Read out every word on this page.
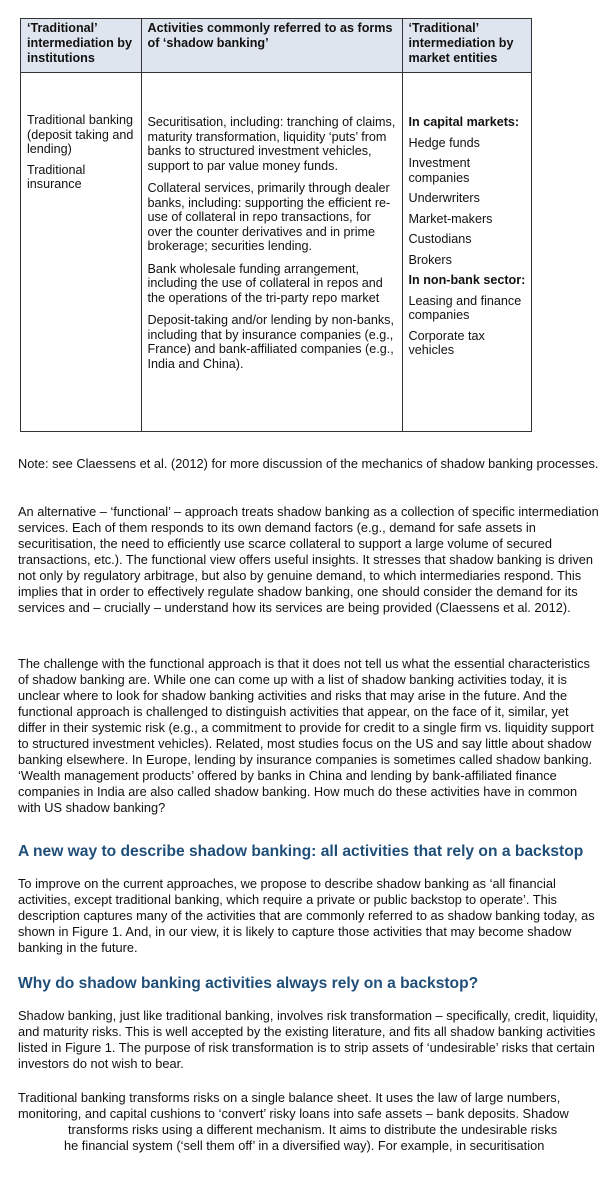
‘Traditional’ intermediation by institutions

Traditional banking (deposit taking and lending)

Traditional insurance

Activities commonly referred to as forms of ‘shadow banking’

Securitisation, including: tranching of claims, maturity transformation, liquidity ‘puts’ from banks to structured investment vehicles, support to par value money funds.

Collateral services, primarily through dealer banks, including: supporting the efficient re-use of collateral in repo transactions, for over the counter derivatives and in prime brokerage; securities lending.

Bank wholesale funding arrangement, including the use of collateral in repos and the operations of the tri-party repo market

Deposit-taking and/or lending by non-banks, including that by insurance companies (e.g., France) and bank-affiliated companies (e.g., India and China).

‘Traditional’ intermediation by market entities

In capital markets:

Hedge funds

Investment companies

Underwriters

Market-makers

Custodians

Brokers

In non-bank sector:

Leasing and finance companies

Corporate tax vehicles

Note: see Claessens et al. (2012) for more discussion of the mechanics of shadow banking processes.

An alternative – ‘functional’ – approach treats shadow banking as a collection of specific intermediation services. Each of them responds to its own demand factors (e.g., demand for safe assets in securitisation, the need to efficiently use scarce collateral to support a large volume of secured transactions, etc.). The functional view offers useful insights. It stresses that shadow banking is driven not only by regulatory arbitrage, but also by genuine demand, to which intermediaries respond. This implies that in order to effectively regulate shadow banking, one should consider the demand for its services and – crucially – understand how its services are being provided (Claessens et al. 2012).

The challenge with the functional approach is that it does not tell us what the essential characteristics of shadow banking are. While one can come up with a list of shadow banking activities today, it is unclear where to look for shadow banking activities and risks that may arise in the future. And the functional approach is challenged to distinguish activities that appear, on the face of it, similar, yet differ in their systemic risk (e.g., a commitment to provide for credit to a single firm vs. liquidity support to structured investment vehicles). Related, most studies focus on the US and say little about shadow banking elsewhere. In Europe, lending by insurance companies is sometimes called shadow banking. ‘Wealth management products’ offered by banks in China and lending by bank-affiliated finance companies in India are also called shadow banking. How much do these activities have in common with US shadow banking?

A new way to describe shadow banking: all activities that rely on a backstop

To improve on the current approaches, we propose to describe shadow banking as ‘all financial activities, except traditional banking, which require a private or public backstop to operate’. This description captures many of the activities that are commonly referred to as shadow banking today, as shown in Figure 1. And, in our view, it is likely to capture those activities that may become shadow banking in the future.

Why do shadow banking activities always rely on a backstop?

Shadow banking, just like traditional banking, involves risk transformation – specifically, credit, liquidity, and maturity risks. This is well accepted by the existing literature, and fits all shadow banking activities listed in Figure 1. The purpose of risk transformation is to strip assets of ‘undesirable’ risks that certain investors do not wish to bear.

Traditional banking transforms risks on a single balance sheet. It uses the law of large numbers,
monitoring, and capital cushions to ‘convert’ risky loans into safe assets – bank deposits. Shadow
transforms risks using a different mechanism. It aims to distribute the undesirable risks
he financial system (‘sell them off’ in a diversified way). For example, in securitisation
